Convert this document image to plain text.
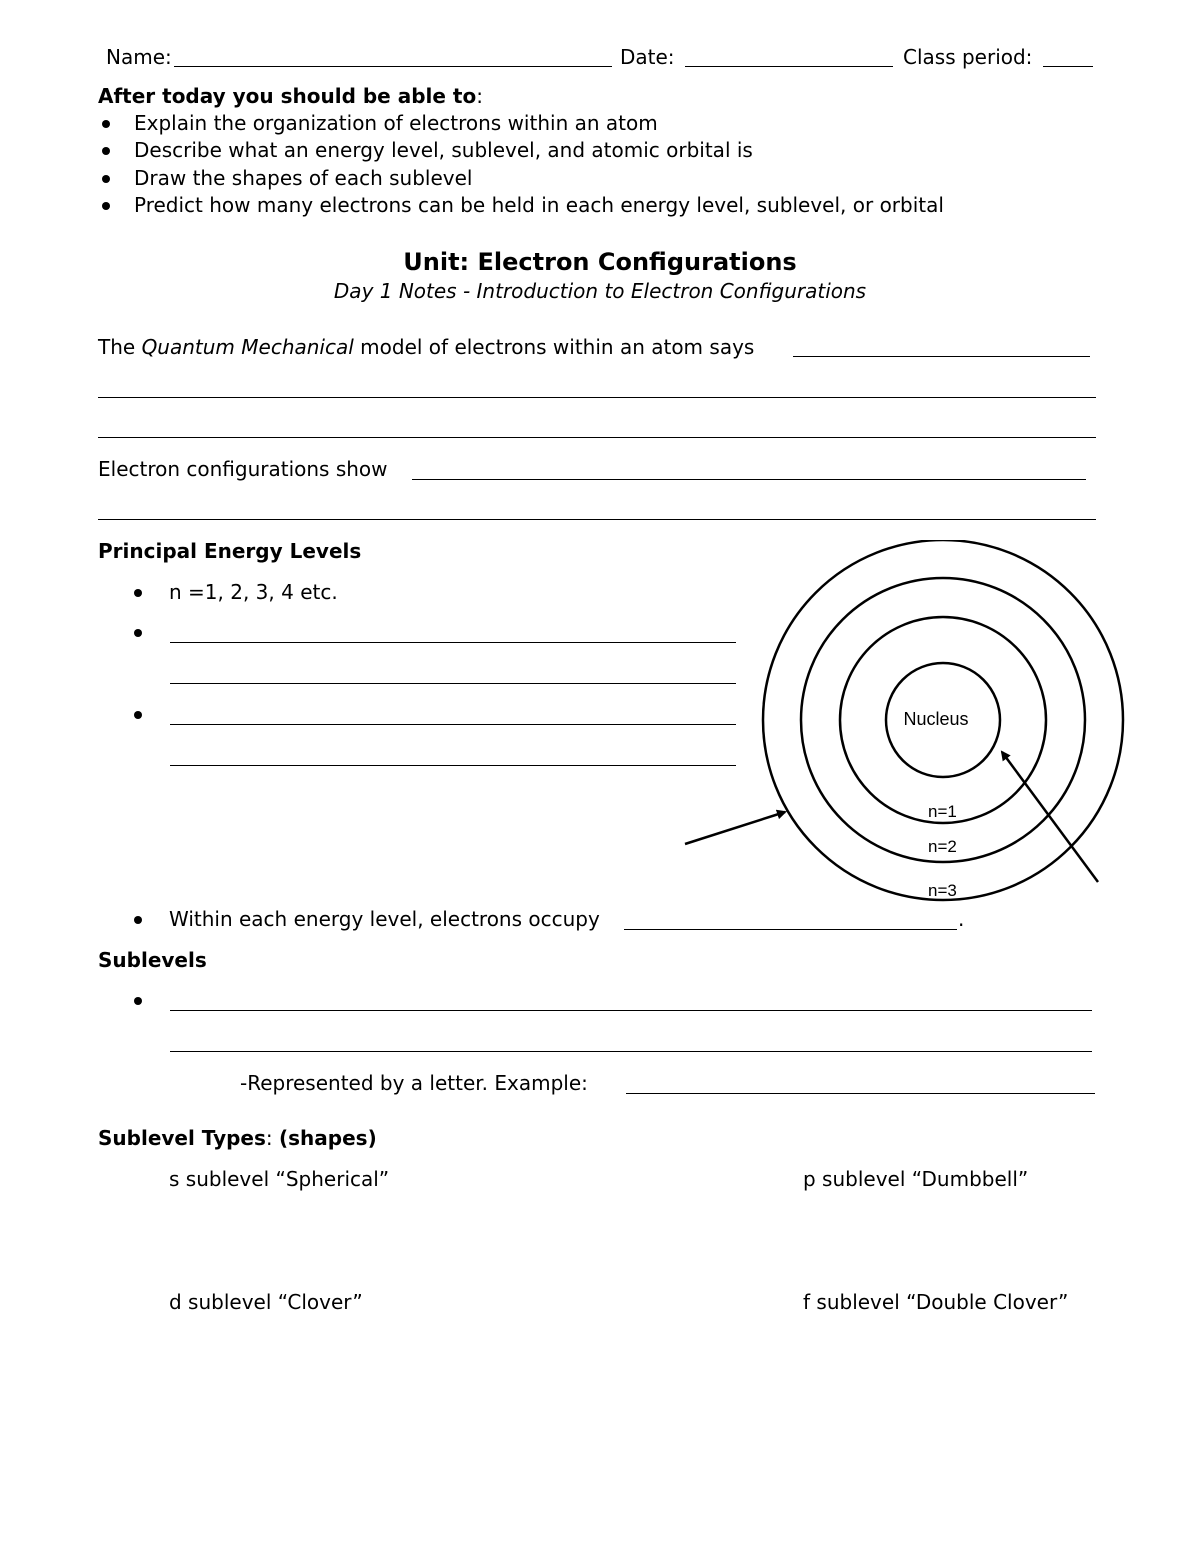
Name:	Date:	Class period:
After today you should be able to:
Explain the organization of electrons within an atom
Describe what an energy level, sublevel, and atomic orbital is
Draw the shapes of each sublevel
Predict how many electrons can be held in each energy level, sublevel, or orbital
Unit: Electron Configurations
Day 1 Notes - Introduction to Electron Configurations
The Quantum Mechanical model of electrons within an atom says
Electron configurations show
Principal Energy Levels
n =1, 2, 3, 4 etc.
Nucleus
n=1
n=2
n=3
Within each energy level, electrons occupy	.
Sublevels
-Represented by a letter. Example:
Sublevel Types: (shapes)
s sublevel “Spherical”	p sublevel “Dumbbell”
d sublevel “Clover”	f sublevel “Double Clover”
